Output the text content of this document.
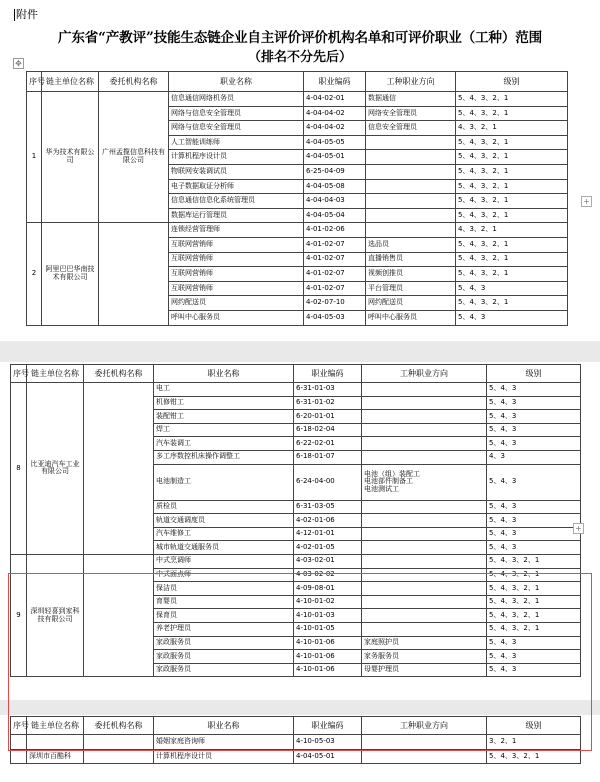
附件
广东省“产教评”技能生态链企业自主评价评价机构名单和可评价职业（工种）范围
（排名不分先后）
✥
序号	链主单位名称	委托机构名称	职业名称	职业编码	工种职业方向	级别
1	华为技术有限公司	广州孟揽信息科技有限公司	信息通信网络机务员	4-04-02-01	数据通信	5、4、3、2、1
			网络与信息安全管理员	4-04-04-02	网络安全管理员	5、4、3、2、1
			网络与信息安全管理员	4-04-04-02	信息安全管理员	4、3、2、1
			人工智能训练师	4-04-05-05		5、4、3、2、1
			计算机程序设计员	4-04-05-01		5、4、3、2、1
			物联网安装调试员	6-25-04-09		5、4、3、2、1
			电子数据取证分析师	4-04-05-08		5、4、3、2、1
			信息通信信息化系统管理员	4-04-04-03		5、4、3、2、1
			数据库运行管理员	4-04-05-04		5、4、3、2、1
2	阿里巴巴华南技术有限公司		连锁经营管理师	4-01-02-06		4、3、2、1
			互联网营销师	4-01-02-07	选品员	5、4、3、2、1
			互联网营销师	4-01-02-07	直播销售员	5、4、3、2、1
			互联网营销师	4-01-02-07	视频创推员	5、4、3、2、1
			互联网营销师	4-01-02-07	平台管理员	5、4、3
			网约配送员	4-02-07-10	网约配送员	5、4、3、2、1
			呼叫中心服务员	4-04-05-03	呼叫中心服务员	5、4、3
+
序号	链主单位名称	委托机构名称	职业名称	职业编码	工种职业方向	级别
8	比亚迪汽车工业有限公司		电工	6-31-01-03		5、4、3
			机修钳工	6-31-01-02		5、4、3
			装配钳工	6-20-01-01		5、4、3
			焊工	6-18-02-04		5、4、3
			汽车装调工	6-22-02-01		5、4、3
			多工序数控机床操作调整工	6-18-01-07		4、3
			电池制造工	6-24-04-00	电池（组）装配工
电池部件制备工
电池测试工	5、4、3
			质检员	6-31-03-05		5、4、3
			轨道交通调度员	4-02-01-06		5、4、3
			汽车维修工	4-12-01-01		5、4、3
			城市轨道交通服务员	4-02-01-05		5、4、3
9	深圳轻喜到家科技有限公司		中式烹调师	4-03-02-01		5、4、3、2、1
			中式面点师	4-03-02-02		5、4、3、2、1
			保洁员	4-09-08-01		5、4、3、2、1
			育婴员	4-10-01-02		5、4、3、2、1
			保育员	4-10-01-03		5、4、3、2、1
			养老护理员	4-10-01-05		5、4、3、2、1
			家政服务员	4-10-01-06	家庭照护员	5、4、3
			家政服务员	4-10-01-06	家务服务员	5、4、3
			家政服务员	4-10-01-06	母婴护理员	5、4、3
+
序号	链主单位名称	委托机构名称	职业名称	职业编码	工种职业方向	级别
			婚姻家庭咨询师	4-10-05-03		3、2、1
	深圳市百酷科		计算机程序设计员	4-04-05-01		5、4、3、2、1
